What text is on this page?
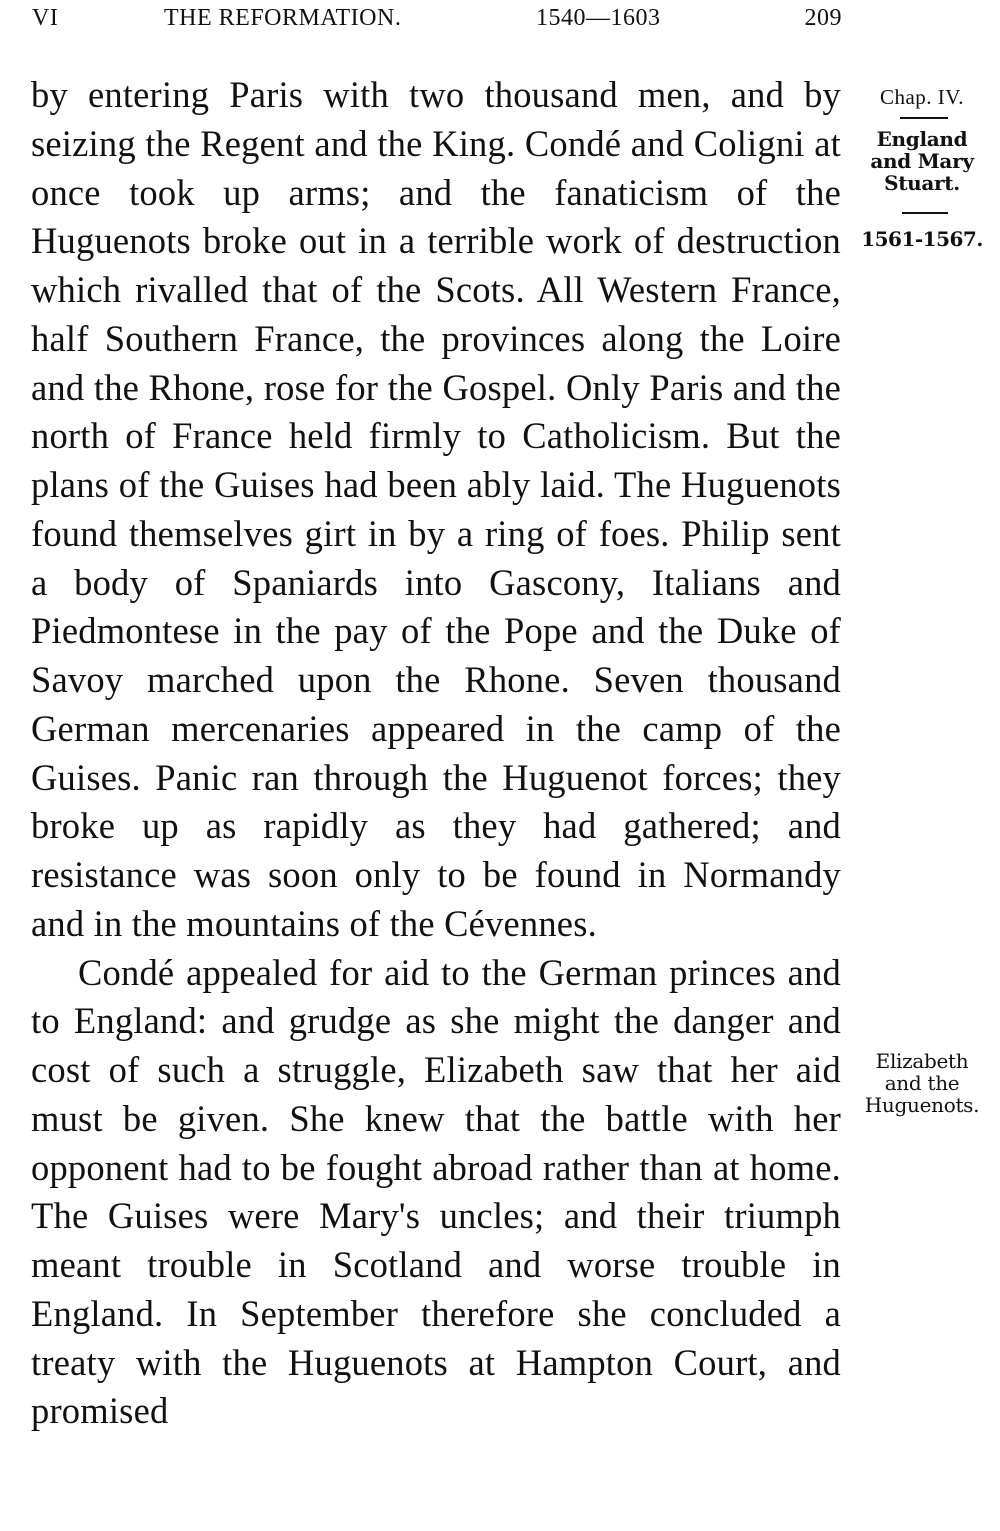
VI	THE REFORMATION.	1540—1603	209

by entering Paris with two thousand men, and by seizing the Regent and the King. Condé and Coligni at once took up arms; and the fanaticism of the Huguenots broke out in a terrible work of destruction which rivalled that of the Scots. All Western France, half Southern France, the provinces along the Loire and the Rhone, rose for the Gospel. Only Paris and the north of France held firmly to Catholicism. But the plans of the Guises had been ably laid. The Huguenots found themselves girt in by a ring of foes. Philip sent a body of Spaniards into Gascony, Italians and Piedmontese in the pay of the Pope and the Duke of Savoy marched upon the Rhone. Seven thousand German mercenaries appeared in the camp of the Guises. Panic ran through the Huguenot forces; they broke up as rapidly as they had gathered; and resistance was soon only to be found in Normandy and in the mountains of the Cévennes.

Condé appealed for aid to the German princes and to England: and grudge as she might the danger and cost of such a struggle, Elizabeth saw that her aid must be given. She knew that the battle with her opponent had to be fought abroad rather than at home. The Guises were Mary's uncles; and their triumph meant trouble in Scotland and worse trouble in England. In September therefore she concluded a treaty with the Huguenots at Hampton Court, and promised

Chap. IV.
England
and Mary
Stuart.
1561-1567.
Elizabeth
and the
Huguenots.
